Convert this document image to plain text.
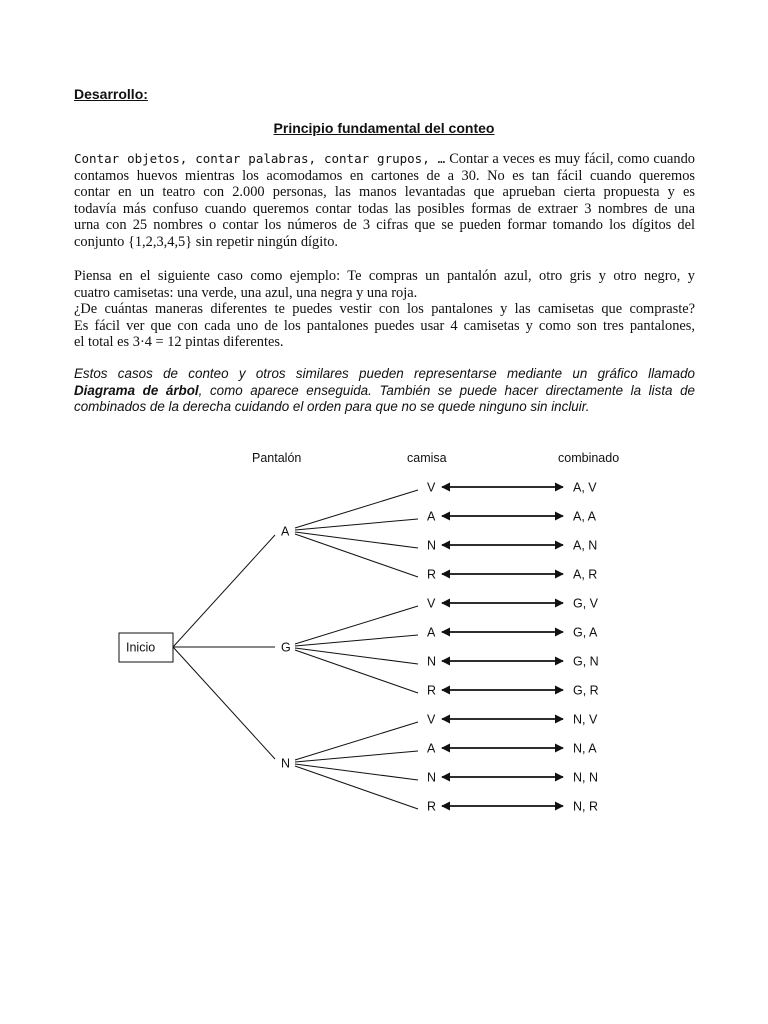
Desarrollo:
Principio fundamental del conteo

Contar objetos, contar palabras, contar grupos, … Contar a veces es muy fácil, como cuando
contamos huevos mientras los acomodamos en cartones de a 30. No es tan fácil cuando queremos
contar en un teatro con 2.000 personas, las manos levantadas que aprueban cierta propuesta y es
todavía más confuso cuando queremos contar todas las posibles formas de extraer 3 nombres de una
urna con 25 nombres o contar los números de 3 cifras que se pueden formar tomando los dígitos del
conjunto {1,2,3,4,5} sin repetir ningún dígito.

Piensa en el siguiente caso como ejemplo: Te compras un pantalón azul, otro gris y otro negro, y
cuatro camisetas: una verde, una azul, una negra y una roja.
¿De cuántas maneras diferentes te puedes vestir con los pantalones y las camisetas que compraste?
Es fácil ver que con cada uno de los pantalones puedes usar 4 camisetas y como son tres pantalones,
el total es 3·4 = 12 pintas diferentes.

Estos casos de conteo y otros similares pueden representarse mediante un gráfico llamado
Diagrama de árbol, como aparece enseguida. También se puede hacer directamente la lista de
combinados de la derecha cuidando el orden para que no se quede ninguno sin incluir.

Pantalón	camisa	combinado
Inicio
A
G
N
V
A
N
R
V
A
N
R
V
A
N
R
A, V
A, A
A, N
A, R
G, V
G, A
G, N
G, R
N, V
N, A
N, N
N, R
